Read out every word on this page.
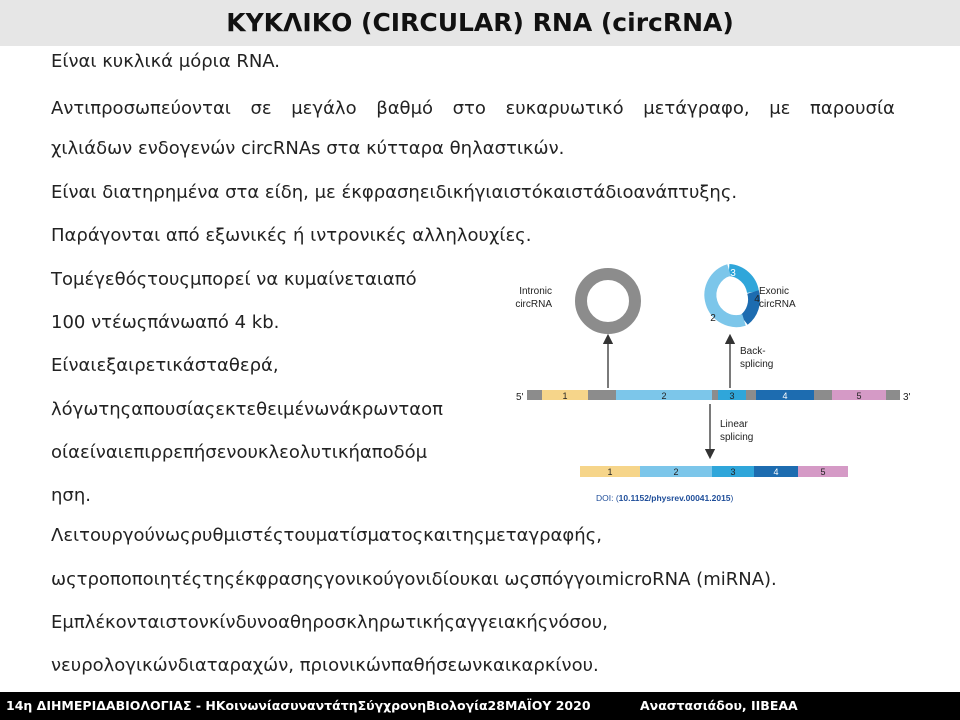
ΚΥΚΛΙΚΟ (CIRCULAR) RNA (circRNA)
Είναι κυκλικά μόρια RNA.
Αντιπροσωπεύονται σε μεγάλο βαθμό στο ευκαρυωτικό μετάγραφο, με παρουσία
χιλιάδων ενδογενών circRNAs στα κύτταρα θηλαστικών.
Είναι διατηρημένα στα είδη, με έκφρασηειδικήγιαιστόκαιστάδιοανάπτυξης.
Παράγονται από εξωνικές ή ιντρονικές αλληλουχίες.
Τομέγεθόςτουςμπορεί να κυμαίνεταιαπό
100 ντέωςπάνωαπό 4 kb.
Είναιεξαιρετικάσταθερά,
λόγωτηςαπουσίαςεκτεθειμένωνάκρωνταοπ
οίαείναιεπιρρεπήσενουκλεολυτικήαποδόμ
ηση.
Λειτουργούνωςρυθμιστέςτουματίσματοςκαιτηςμεταγραφής,
ωςτροποποιητέςτηςέκφρασηςγονικούγονιδίουκαι ωςσπόγγοιmicroRNA (miRNA).
Εμπλέκονταιστονκίνδυνοαθηροσκληρωτικήςαγγειακήςνόσου,
νευρολογικώνδιαταραχών, πριονικώνπαθήσεωνκαικαρκίνου.
Intronic
circRNA
3
4
2
Exonic
circRNA
Back-
splicing
5'	3'
1	2	3	4	5
Linear
splicing
1	2	3	4	5
DOI: (10.1152/physrev.00041.2015)
14η ΔΙΗΜΕΡΙΔΑΒΙΟΛΟΓΙΑΣ - ΗΚοινωνίασυναντάτηΣύγχρονηΒιολογία28ΜΑΪΟΥ 2020	Αναστασιάδου, ΙΙΒΕΑΑ
